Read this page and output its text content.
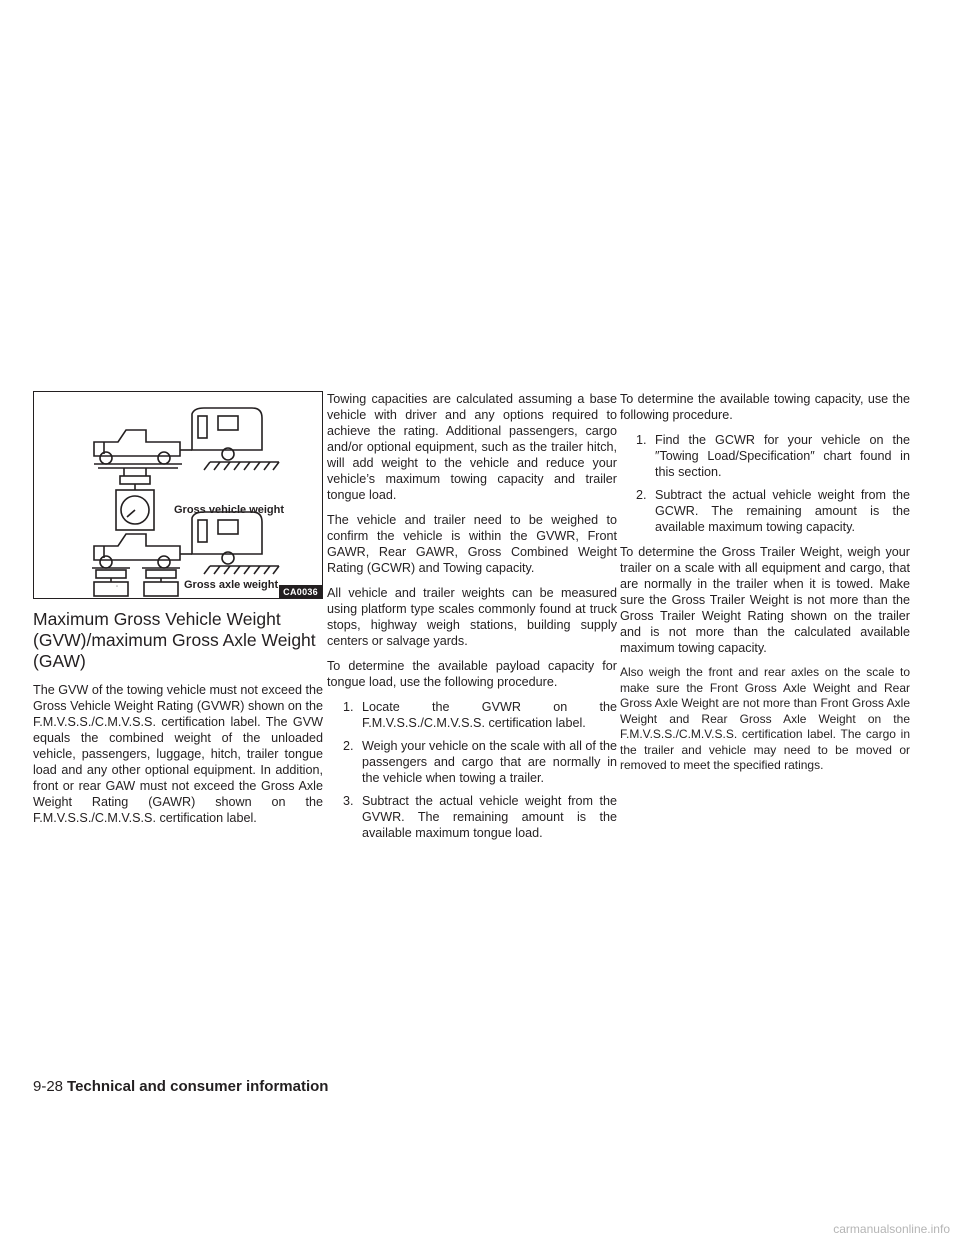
Gross vehicle weight
Gross axle weight
CA0036
Maximum Gross Vehicle Weight (GVW)/maximum Gross Axle Weight (GAW)

The GVW of the towing vehicle must not exceed the Gross Vehicle Weight Rating (GVWR) shown on the F.M.V.S.S./C.M.V.S.S. certification label. The GVW equals the combined weight of the unloaded vehicle, passengers, luggage, hitch, trailer tongue load and any other optional equipment. In addition, front or rear GAW must not exceed the Gross Axle Weight Rating (GAWR) shown on the F.M.V.S.S./C.M.V.S.S. certification label.

Towing capacities are calculated assuming a base vehicle with driver and any options required to achieve the rating. Additional passengers, cargo and/or optional equipment, such as the trailer hitch, will add weight to the vehicle and reduce your vehicle’s maximum towing capacity and trailer tongue load.

The vehicle and trailer need to be weighed to confirm the vehicle is within the GVWR, Front GAWR, Rear GAWR, Gross Combined Weight Rating (GCWR) and Towing capacity.

All vehicle and trailer weights can be measured using platform type scales commonly found at truck stops, highway weigh stations, building supply centers or salvage yards.

To determine the available payload capacity for tongue load, use the following procedure.

1. Locate the GVWR on the F.M.V.S.S./C.M.V.S.S. certification label.
2. Weigh your vehicle on the scale with all of the passengers and cargo that are normally in the vehicle when towing a trailer.
3. Subtract the actual vehicle weight from the GVWR. The remaining amount is the available maximum tongue load.

To determine the available towing capacity, use the following procedure.

1. Find the GCWR for your vehicle on the ″Towing Load/Specification″ chart found in this section.
2. Subtract the actual vehicle weight from the GCWR. The remaining amount is the available maximum towing capacity.

To determine the Gross Trailer Weight, weigh your trailer on a scale with all equipment and cargo, that are normally in the trailer when it is towed. Make sure the Gross Trailer Weight is not more than the Gross Trailer Weight Rating shown on the trailer and is not more than the calculated available maximum towing capacity.

Also weigh the front and rear axles on the scale to make sure the Front Gross Axle Weight and Rear Gross Axle Weight are not more than Front Gross Axle Weight and Rear Gross Axle Weight on the F.M.V.S.S./C.M.V.S.S. certification label. The cargo in the trailer and vehicle may need to be moved or removed to meet the specified ratings.

9-28 Technical and consumer information
carmanualsonline.info
